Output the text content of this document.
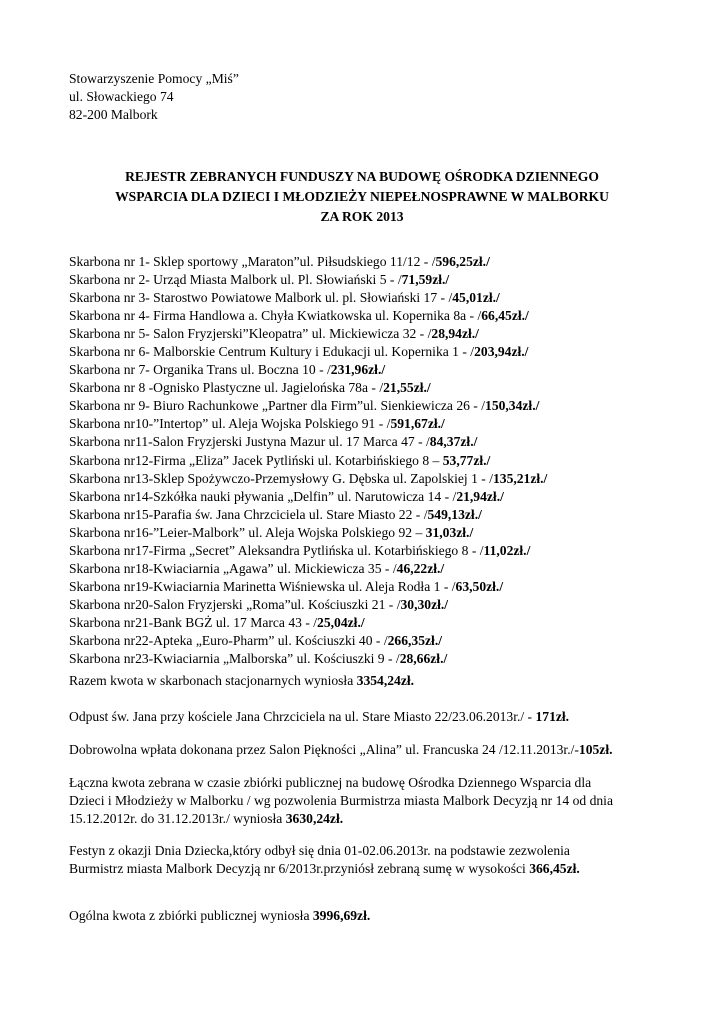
Stowarzyszenie Pomocy „Miś”
ul. Słowackiego 74
82-200 Malbork
REJESTR ZEBRANYCH FUNDUSZY NA BUDOWĘ OŚRODKA DZIENNEGO
WSPARCIA DLA DZIECI I MŁODZIEŻY NIEPEŁNOSPRAWNE W MALBORKU
ZA ROK 2013
Skarbona nr 1- Sklep sportowy „Maraton”ul. Piłsudskiego 11/12 - /596,25zł./
Skarbona nr 2- Urząd Miasta Malbork ul. Pl. Słowiański 5 - /71,59zł./
Skarbona nr 3- Starostwo Powiatowe Malbork ul. pl. Słowiański 17 - /45,01zł./
Skarbona nr 4- Firma Handlowa a. Chyła Kwiatkowska ul. Kopernika 8a - /66,45zł./
Skarbona nr 5- Salon Fryzjerski”Kleopatra” ul. Mickiewicza 32 - /28,94zł./
Skarbona nr 6- Malborskie Centrum Kultury i Edukacji ul. Kopernika 1 - /203,94zł./
Skarbona nr 7- Organika Trans ul. Boczna 10 - /231,96zł./
Skarbona nr 8 -Ognisko Plastyczne ul. Jagielońska 78a - /21,55zł./
Skarbona nr 9- Biuro Rachunkowe „Partner dla Firm”ul. Sienkiewicza 26 - /150,34zł./
Skarbona nr10-”Intertop” ul. Aleja Wojska Polskiego 91 - /591,67zł./
Skarbona nr11-Salon Fryzjerski Justyna Mazur ul. 17 Marca 47 - /84,37zł./
Skarbona nr12-Firma „Eliza” Jacek Pytliński ul. Kotarbińskiego 8 – 53,77zł./
Skarbona nr13-Sklep Spożywczo-Przemysłowy G. Dębska ul. Zapolskiej 1 - /135,21zł./
Skarbona nr14-Szkółka nauki pływania „Delfin” ul. Narutowicza 14 - /21,94zł./
Skarbona nr15-Parafia św. Jana Chrzciciela ul. Stare Miasto 22 - /549,13zł./
Skarbona nr16-”Leier-Malbork” ul. Aleja Wojska Polskiego 92 – 31,03zł./
Skarbona nr17-Firma „Secret” Aleksandra Pytlińska ul. Kotarbińskiego 8 - /11,02zł./
Skarbona nr18-Kwiaciarnia „Agawa” ul. Mickiewicza 35 - /46,22zł./
Skarbona nr19-Kwiaciarnia Marinetta Wiśniewska ul. Aleja Rodła 1 - /63,50zł./
Skarbona nr20-Salon Fryzjerski „Roma”ul. Kościuszki 21 - /30,30zł./
Skarbona nr21-Bank BGŻ ul. 17 Marca 43 - /25,04zł./
Skarbona nr22-Apteka „Euro-Pharm” ul. Kościuszki 40 - /266,35zł./
Skarbona nr23-Kwiaciarnia „Malborska” ul. Kościuszki 9 - /28,66zł./
Razem kwota w skarbonach stacjonarnych wyniosła 3354,24zł.
Odpust św. Jana przy kościele Jana Chrzciciela na ul. Stare Miasto 22/23.06.2013r./ - 171zł.
Dobrowolna wpłata dokonana przez Salon Piękności „Alina” ul. Francuska 24 /12.11.2013r./-105zł.
Łączna kwota zebrana w czasie zbiórki publicznej na budowę Ośrodka Dziennego Wsparcia dla
Dzieci i Młodzieży w Malborku / wg pozwolenia Burmistrza miasta Malbork Decyzją nr 14 od dnia
15.12.2012r. do 31.12.2013r./ wyniosła 3630,24zł.
Festyn z okazji Dnia Dziecka,który odbył się dnia 01-02.06.2013r. na podstawie zezwolenia
Burmistrz miasta Malbork Decyzją nr 6/2013r.przyniósł zebraną sumę w wysokości 366,45zł.
Ogólna kwota z zbiórki publicznej wyniosła 3996,69zł.
